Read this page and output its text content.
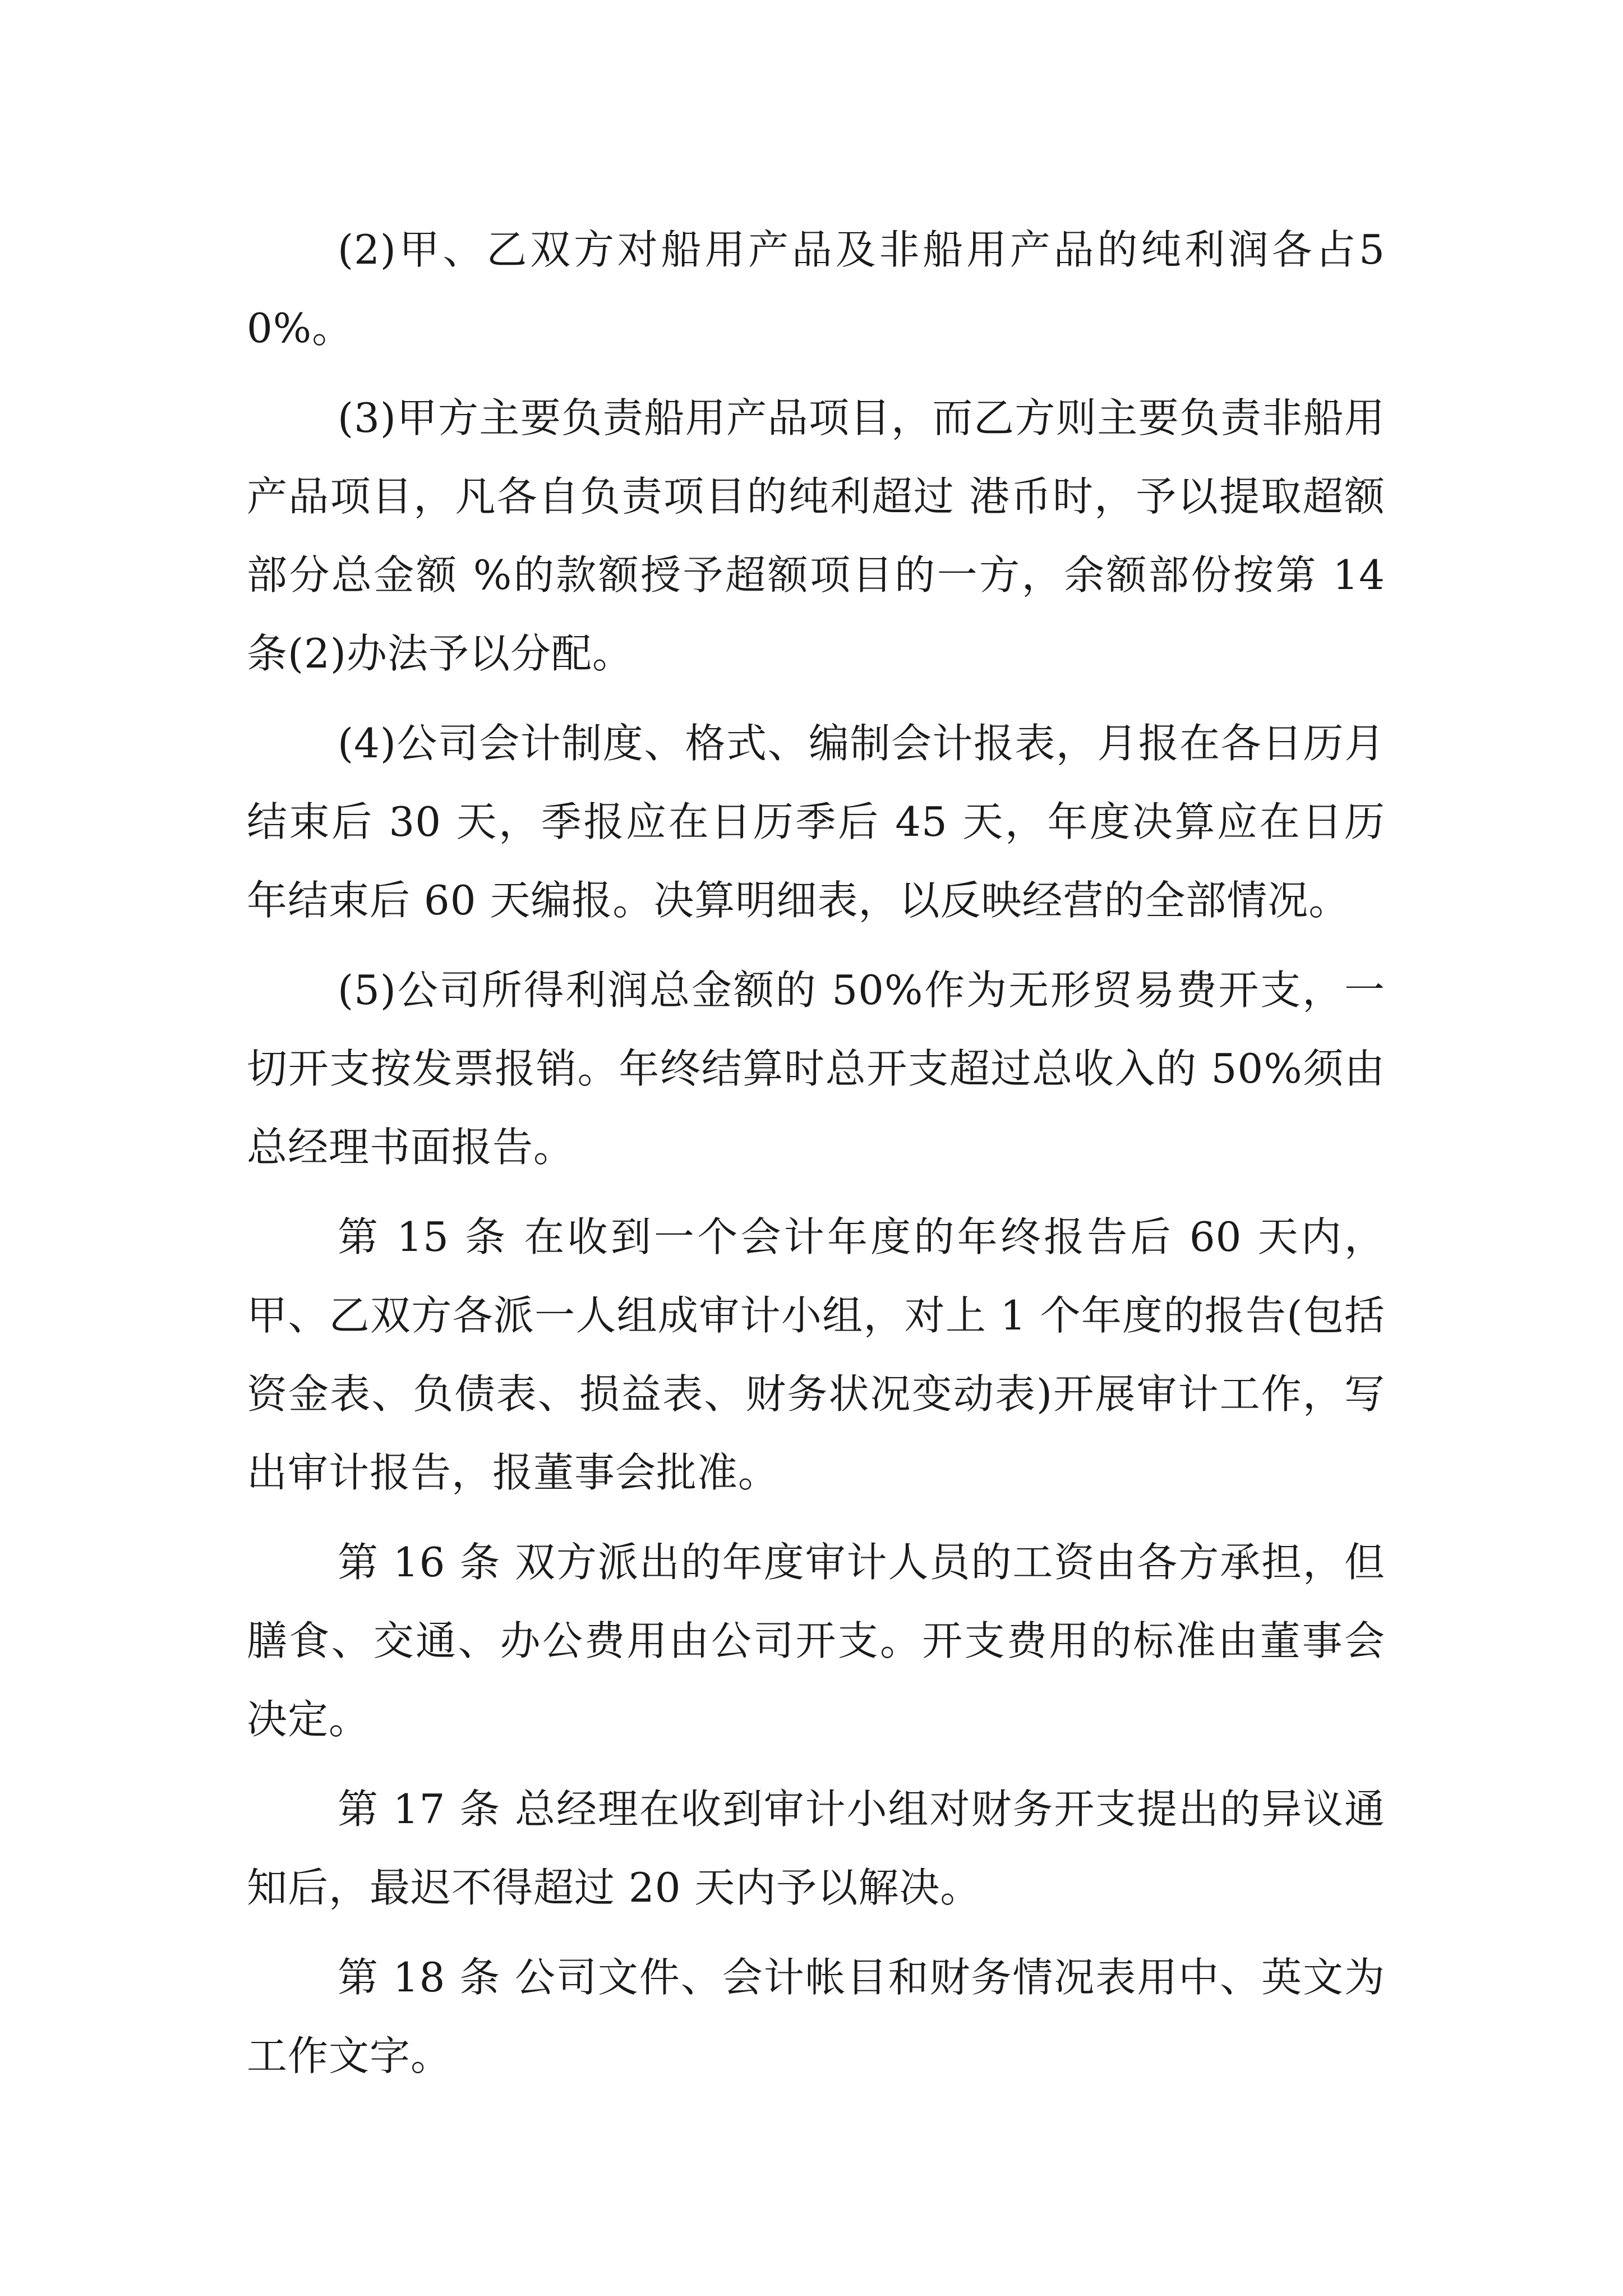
(2)甲、乙双方对船用产品及非船用产品的纯利润各占50%。

(3)甲方主要负责船用产品项目，而乙方则主要负责非船用产品项目，凡各自负责项目的纯利超过 港币时，予以提取超额部分总金额 %的款额授予超额项目的一方，余额部份按第 14 条(2)办法予以分配。

(4)公司会计制度、格式、编制会计报表，月报在各日历月结束后 30 天，季报应在日历季后 45 天，年度决算应在日历年结束后 60 天编报。决算明细表，以反映经营的全部情况。

(5)公司所得利润总金额的 50%作为无形贸易费开支，一切开支按发票报销。年终结算时总开支超过总收入的 50%须由总经理书面报告。

第 15 条 在收到一个会计年度的年终报告后 60 天内，甲、乙双方各派一人组成审计小组，对上 1 个年度的报告(包括资金表、负债表、损益表、财务状况变动表)开展审计工作，写出审计报告，报董事会批准。

第 16 条 双方派出的年度审计人员的工资由各方承担，但膳食、交通、办公费用由公司开支。开支费用的标准由董事会决定。

第 17 条 总经理在收到审计小组对财务开支提出的异议通知后，最迟不得超过 20 天内予以解决。

第 18 条 公司文件、会计帐目和财务情况表用中、英文为工作文字。
